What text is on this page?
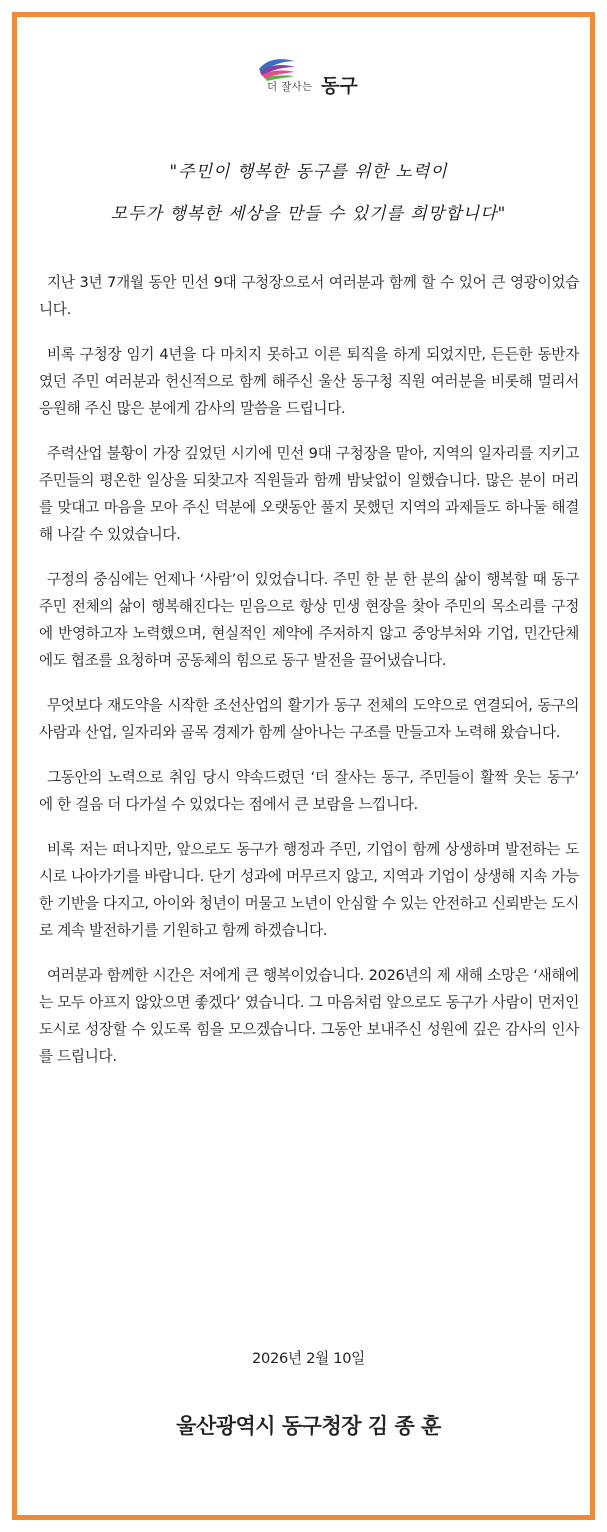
더 잘사는 동구
"주민이 행복한 동구를 위한 노력이
모두가 행복한 세상을 만들 수 있기를 희망합니다"

지난 3년 7개월 동안 민선 9대 구청장으로서 여러분과 함께 할 수 있어 큰 영광이었습니다.

비록 구청장 임기 4년을 다 마치지 못하고 이른 퇴직을 하게 되었지만, 든든한 동반자였던 주민 여러분과 헌신적으로 함께 해주신 울산 동구청 직원 여러분을 비롯해 멀리서 응원해 주신 많은 분에게 감사의 말씀을 드립니다.

주력산업 불황이 가장 깊었던 시기에 민선 9대 구청장을 맡아, 지역의 일자리를 지키고 주민들의 평온한 일상을 되찾고자 직원들과 함께 밤낮없이 일했습니다. 많은 분이 머리를 맞대고 마음을 모아 주신 덕분에 오랫동안 풀지 못했던 지역의 과제들도 하나둘 해결해 나갈 수 있었습니다.

구정의 중심에는 언제나 ‘사람’이 있었습니다. 주민 한 분 한 분의 삶이 행복할 때 동구 주민 전체의 삶이 행복해진다는 믿음으로 항상 민생 현장을 찾아 주민의 목소리를 구정에 반영하고자 노력했으며, 현실적인 제약에 주저하지 않고 중앙부처와 기업, 민간단체에도 협조를 요청하며 공동체의 힘으로 동구 발전을 끌어냈습니다.

무엇보다 재도약을 시작한 조선산업의 활기가 동구 전체의 도약으로 연결되어, 동구의 사람과 산업, 일자리와 골목 경제가 함께 살아나는 구조를 만들고자 노력해 왔습니다.

그동안의 노력으로 취임 당시 약속드렸던 ‘더 잘사는 동구, 주민들이 활짝 웃는 동구’ 에 한 걸음 더 다가설 수 있었다는 점에서 큰 보람을 느낍니다.

비록 저는 떠나지만, 앞으로도 동구가 행정과 주민, 기업이 함께 상생하며 발전하는 도시로 나아가기를 바랍니다. 단기 성과에 머무르지 않고, 지역과 기업이 상생해 지속 가능한 기반을 다지고, 아이와 청년이 머물고 노년이 안심할 수 있는 안전하고 신뢰받는 도시로 계속 발전하기를 기원하고 함께 하겠습니다.

여러분과 함께한 시간은 저에게 큰 행복이었습니다. 2026년의 제 새해 소망은 ‘새해에는 모두 아프지 않았으면 좋겠다’ 였습니다. 그 마음처럼 앞으로도 동구가 사람이 먼저인 도시로 성장할 수 있도록 힘을 모으겠습니다. 그동안 보내주신 성원에 깊은 감사의 인사를 드립니다.

2026년 2월 10일
울산광역시 동구청장 김 종 훈
